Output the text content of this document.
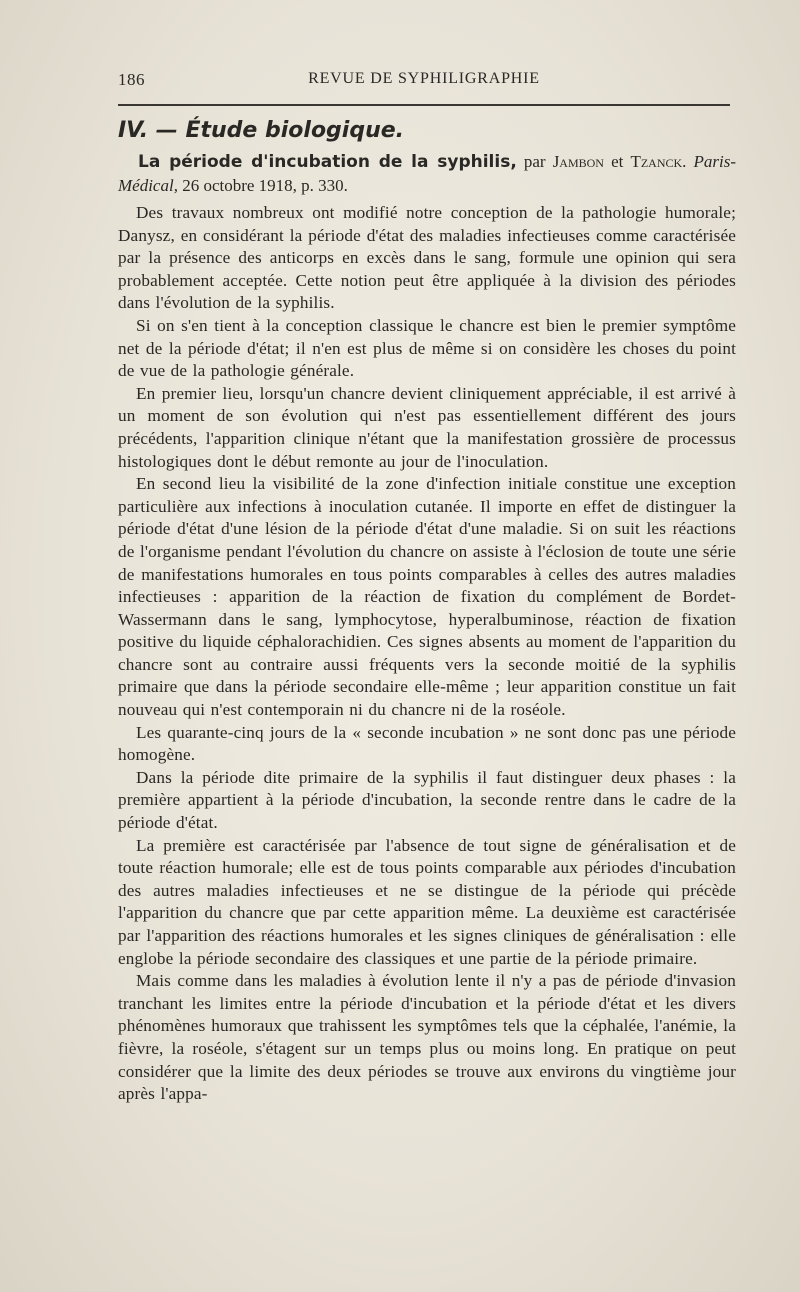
186	REVUE DE SYPHILIGRAPHIE
IV. — Étude biologique.

La période d'incubation de la syphilis, par Jambon et Tzanck. Paris-Médical, 26 octobre 1918, p. 330.

Des travaux nombreux ont modifié notre conception de la pathologie humorale; Danysz, en considérant la période d'état des maladies infectieuses comme caractérisée par la présence des anticorps en excès dans le sang, formule une opinion qui sera probablement acceptée. Cette notion peut être appliquée à la division des périodes dans l'évolution de la syphilis.

Si on s'en tient à la conception classique le chancre est bien le premier symptôme net de la période d'état; il n'en est plus de même si on considère les choses du point de vue de la pathologie générale.

En premier lieu, lorsqu'un chancre devient cliniquement appréciable, il est arrivé à un moment de son évolution qui n'est pas essentiellement différent des jours précédents, l'apparition clinique n'étant que la manifestation grossière de processus histologiques dont le début remonte au jour de l'inoculation.

En second lieu la visibilité de la zone d'infection initiale constitue une exception particulière aux infections à inoculation cutanée. Il importe en effet de distinguer la période d'état d'une lésion de la période d'état d'une maladie. Si on suit les réactions de l'organisme pendant l'évolution du chancre on assiste à l'éclosion de toute une série de manifestations humorales en tous points comparables à celles des autres maladies infectieuses : apparition de la réaction de fixation du complément de Bordet-Wassermann dans le sang, lymphocytose, hyperalbuminose, réaction de fixation positive du liquide céphalorachidien. Ces signes absents au moment de l'apparition du chancre sont au contraire aussi fréquents vers la seconde moitié de la syphilis primaire que dans la période secondaire elle-même ; leur apparition constitue un fait nouveau qui n'est contemporain ni du chancre ni de la roséole.

Les quarante-cinq jours de la « seconde incubation » ne sont donc pas une période homogène.

Dans la période dite primaire de la syphilis il faut distinguer deux phases : la première appartient à la période d'incubation, la seconde rentre dans le cadre de la période d'état.

La première est caractérisée par l'absence de tout signe de généralisation et de toute réaction humorale; elle est de tous points comparable aux périodes d'incubation des autres maladies infectieuses et ne se distingue de la période qui précède l'apparition du chancre que par cette apparition même. La deuxième est caractérisée par l'apparition des réactions humorales et les signes cliniques de généralisation : elle englobe la période secondaire des classiques et une partie de la période primaire.

Mais comme dans les maladies à évolution lente il n'y a pas de période d'invasion tranchant les limites entre la période d'incubation et la période d'état et les divers phénomènes humoraux que trahissent les symptômes tels que la céphalée, l'anémie, la fièvre, la roséole, s'étagent sur un temps plus ou moins long. En pratique on peut considérer que la limite des deux périodes se trouve aux environs du vingtième jour après l'appa-
